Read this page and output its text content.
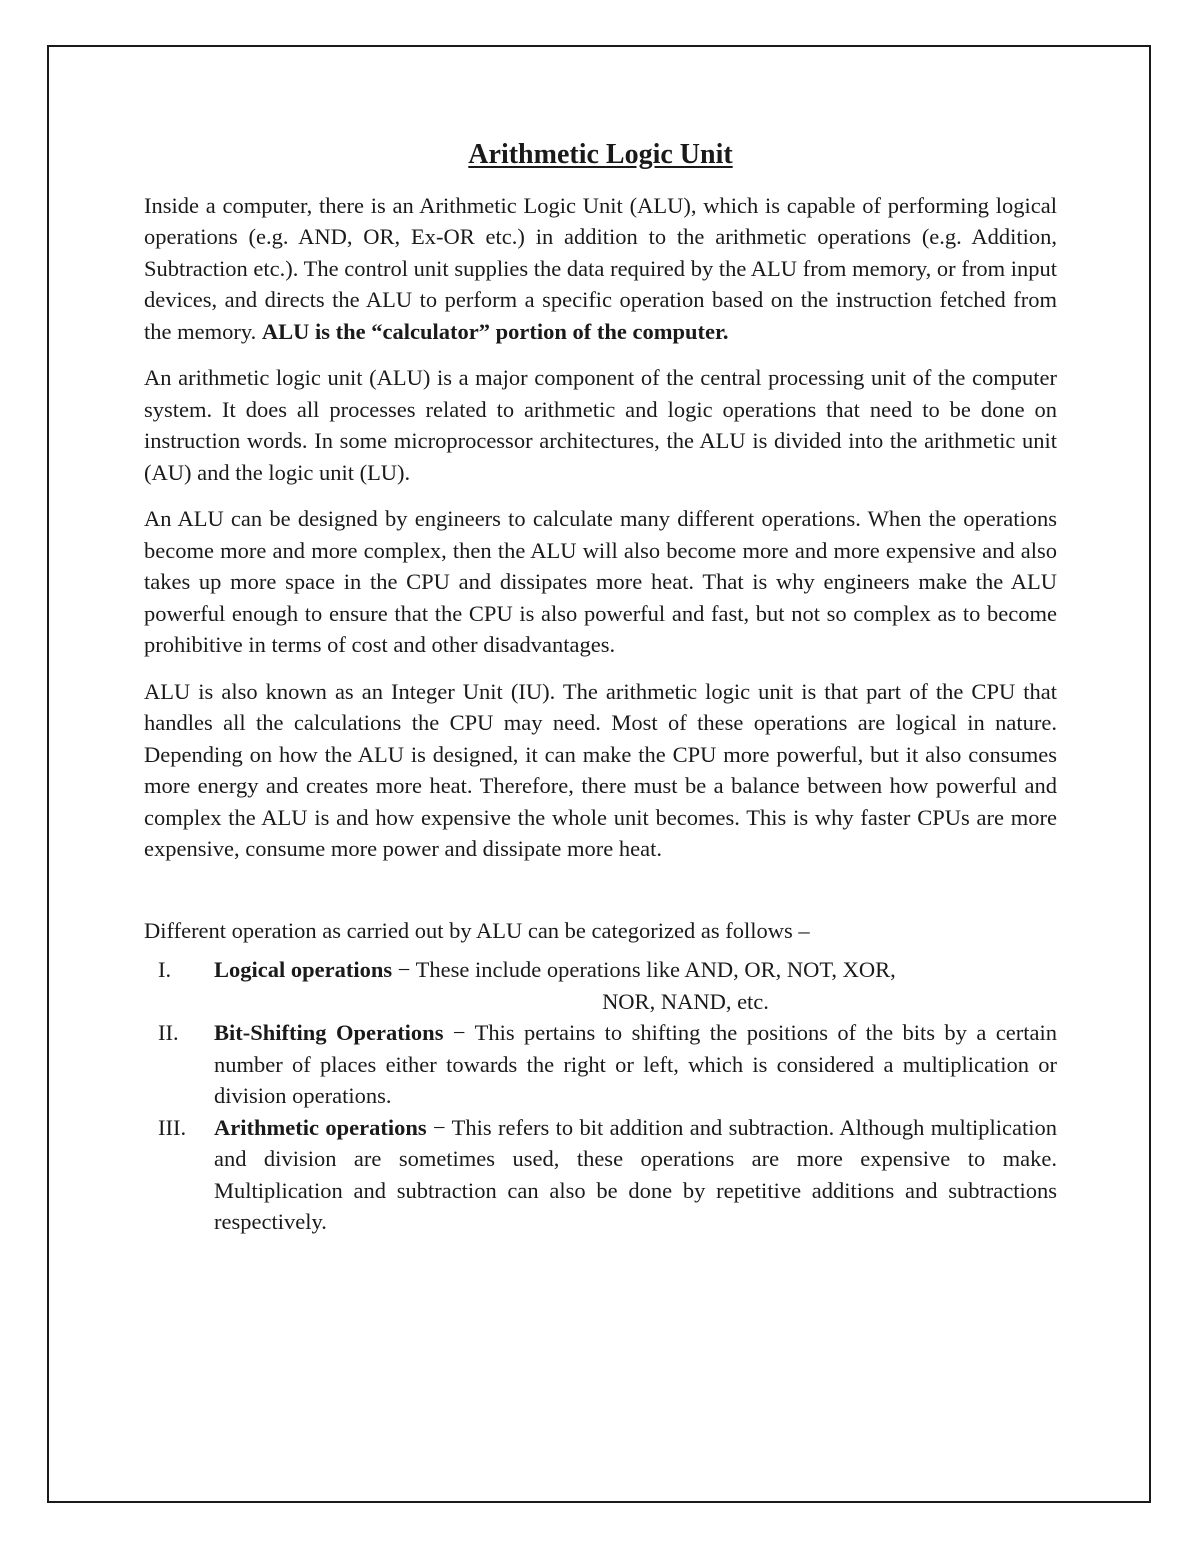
Arithmetic Logic Unit

Inside a computer, there is an Arithmetic Logic Unit (ALU), which is capable of performing logical operations (e.g. AND, OR, Ex-OR etc.) in addition to the arithmetic operations (e.g. Addition, Subtraction etc.). The control unit supplies the data required by the ALU from memory, or from input devices, and directs the ALU to perform a specific operation based on the instruction fetched from the memory. ALU is the “calculator” portion of the computer.

An arithmetic logic unit (ALU) is a major component of the central processing unit of the computer system. It does all processes related to arithmetic and logic operations that need to be done on instruction words. In some microprocessor architectures, the ALU is divided into the arithmetic unit (AU) and the logic unit (LU).

An ALU can be designed by engineers to calculate many different operations. When the operations become more and more complex, then the ALU will also become more and more expensive and also takes up more space in the CPU and dissipates more heat. That is why engineers make the ALU powerful enough to ensure that the CPU is also powerful and fast, but not so complex as to become prohibitive in terms of cost and other disadvantages.

ALU is also known as an Integer Unit (IU). The arithmetic logic unit is that part of the CPU that handles all the calculations the CPU may need. Most of these operations are logical in nature. Depending on how the ALU is designed, it can make the CPU more powerful, but it also consumes more energy and creates more heat. Therefore, there must be a balance between how powerful and complex the ALU is and how expensive the whole unit becomes. This is why faster CPUs are more expensive, consume more power and dissipate more heat.

Different operation as carried out by ALU can be categorized as follows –

I.	Logical operations − These include operations like AND, OR, NOT, XOR,
NOR, NAND, etc.
II.	Bit-Shifting Operations − This pertains to shifting the positions of the bits by a certain number of places either towards the right or left, which is considered a multiplication or division operations.
III.	Arithmetic operations − This refers to bit addition and subtraction. Although multiplication and division are sometimes used, these operations are more expensive to make. Multiplication and subtraction can also be done by repetitive additions and subtractions respectively.
